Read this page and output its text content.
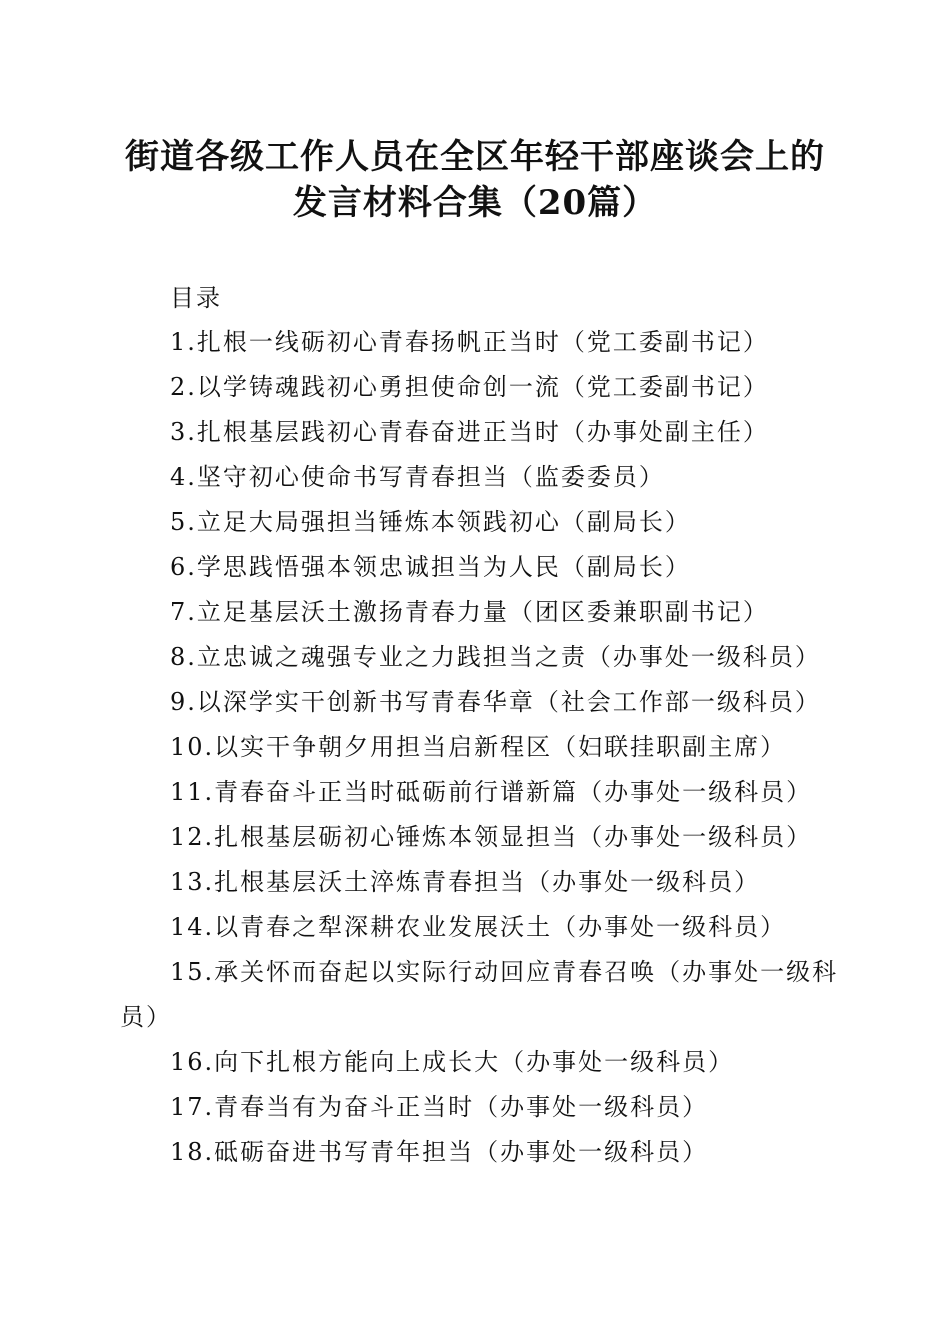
街道各级工作人员在全区年轻干部座谈会上的
发言材料合集（20篇）
目录
1.扎根一线砺初心青春扬帆正当时（党工委副书记）
2.以学铸魂践初心勇担使命创一流（党工委副书记）
3.扎根基层践初心青春奋进正当时（办事处副主任）
4.坚守初心使命书写青春担当（监委委员）
5.立足大局强担当锤炼本领践初心（副局长）
6.学思践悟强本领忠诚担当为人民（副局长）
7.立足基层沃土激扬青春力量（团区委兼职副书记）
8.立忠诚之魂强专业之力践担当之责（办事处一级科员）
9.以深学实干创新书写青春华章（社会工作部一级科员）
10.以实干争朝夕用担当启新程区（妇联挂职副主席）
11.青春奋斗正当时砥砺前行谱新篇（办事处一级科员）
12.扎根基层砺初心锤炼本领显担当（办事处一级科员）
13.扎根基层沃土淬炼青春担当（办事处一级科员）
14.以青春之犁深耕农业发展沃土（办事处一级科员）
15.承关怀而奋起以实际行动回应青春召唤（办事处一级科
员）
16.向下扎根方能向上成长大（办事处一级科员）
17.青春当有为奋斗正当时（办事处一级科员）
18.砥砺奋进书写青年担当（办事处一级科员）
